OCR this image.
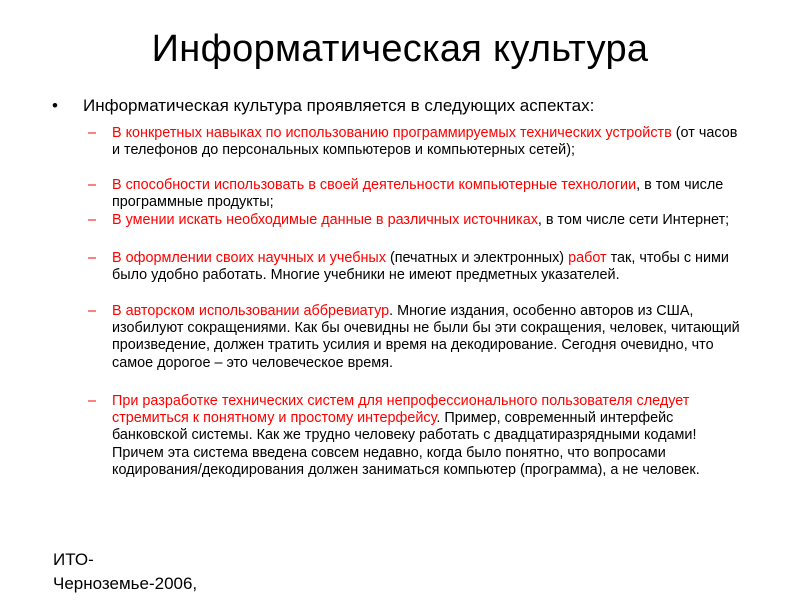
Информатическая культура
• Информатическая культура проявляется в следующих аспектах:
– В конкретных навыках по использованию программируемых технических устройств (от часов и телефонов до персональных компьютеров и компьютерных сетей);
– В способности использовать в своей деятельности компьютерные технологии, в том числе программные продукты;
– В умении искать необходимые данные в различных источниках, в том числе сети Интернет;
– В оформлении своих научных и учебных (печатных и электронных) работ так, чтобы с ними было удобно работать. Многие учебники не имеют предметных указателей.
– В авторском использовании аббревиатур. Многие издания, особенно авторов из США, изобилуют сокращениями. Как бы очевидны не были бы эти сокращения, человек, читающий произведение, должен тратить усилия и время на декодирование. Сегодня очевидно, что самое дорогое – это человеческое время.
– При разработке технических систем для непрофессионального пользователя следует стремиться к понятному и простому интерфейсу. Пример, современный интерфейс банковской системы. Как же трудно человеку работать с двадцатиразрядными кодами! Причем эта система введена совсем недавно, когда было понятно, что вопросами кодирования/декодирования должен заниматься компьютер (программа), а не человек.
ИТО-
Черноземье-2006,
